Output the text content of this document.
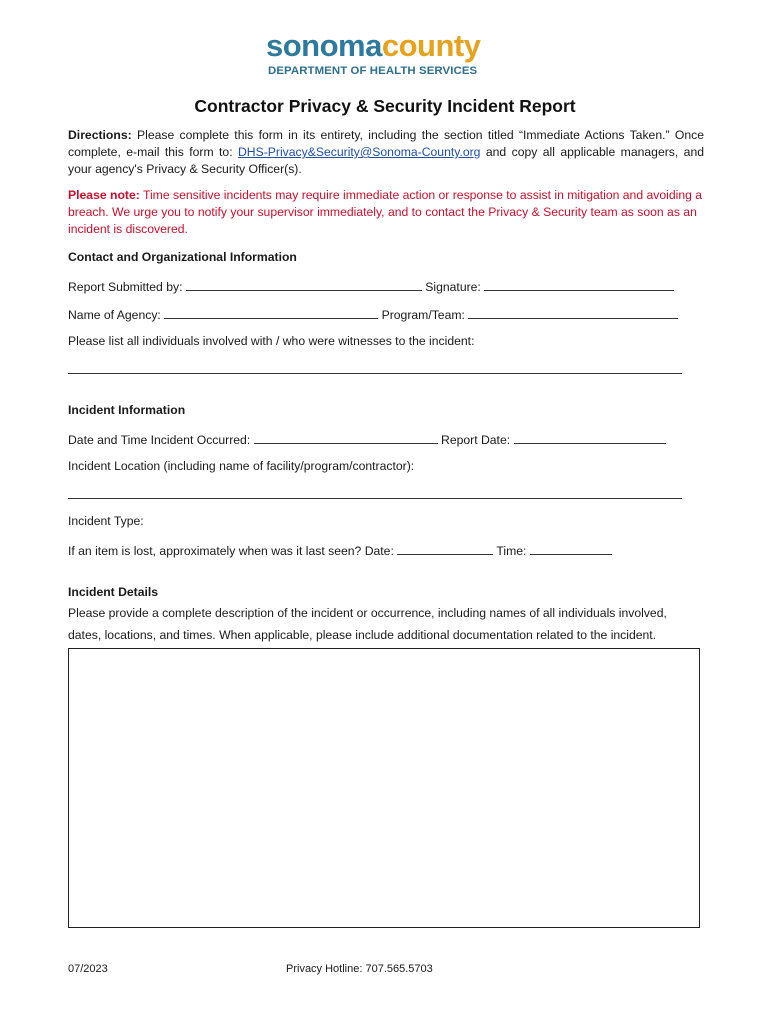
sonomacounty
DEPARTMENT OF HEALTH SERVICES
Contractor Privacy & Security Incident Report
Directions: Please complete this form in its entirety, including the section titled “Immediate Actions Taken.” Once complete, e-mail this form to: DHS-Privacy&Security@Sonoma-County.org and copy all applicable managers, and your agency's Privacy & Security Officer(s).
Please note: Time sensitive incidents may require immediate action or response to assist in mitigation and avoiding a breach. We urge you to notify your supervisor immediately, and to contact the Privacy & Security team as soon as an incident is discovered.
Contact and Organizational Information
Report Submitted by:	Signature:
Name of Agency:	Program/Team:
Please list all individuals involved with / who were witnesses to the incident:
Incident Information
Date and Time Incident Occurred:	Report Date:
Incident Location (including name of facility/program/contractor):
Incident Type:
If an item is lost, approximately when was it last seen? Date:	Time:
Incident Details
Please provide a complete description of the incident or occurrence, including names of all individuals involved,
dates, locations, and times. When applicable, please include additional documentation related to the incident.
07/2023	Privacy Hotline: 707.565.5703
